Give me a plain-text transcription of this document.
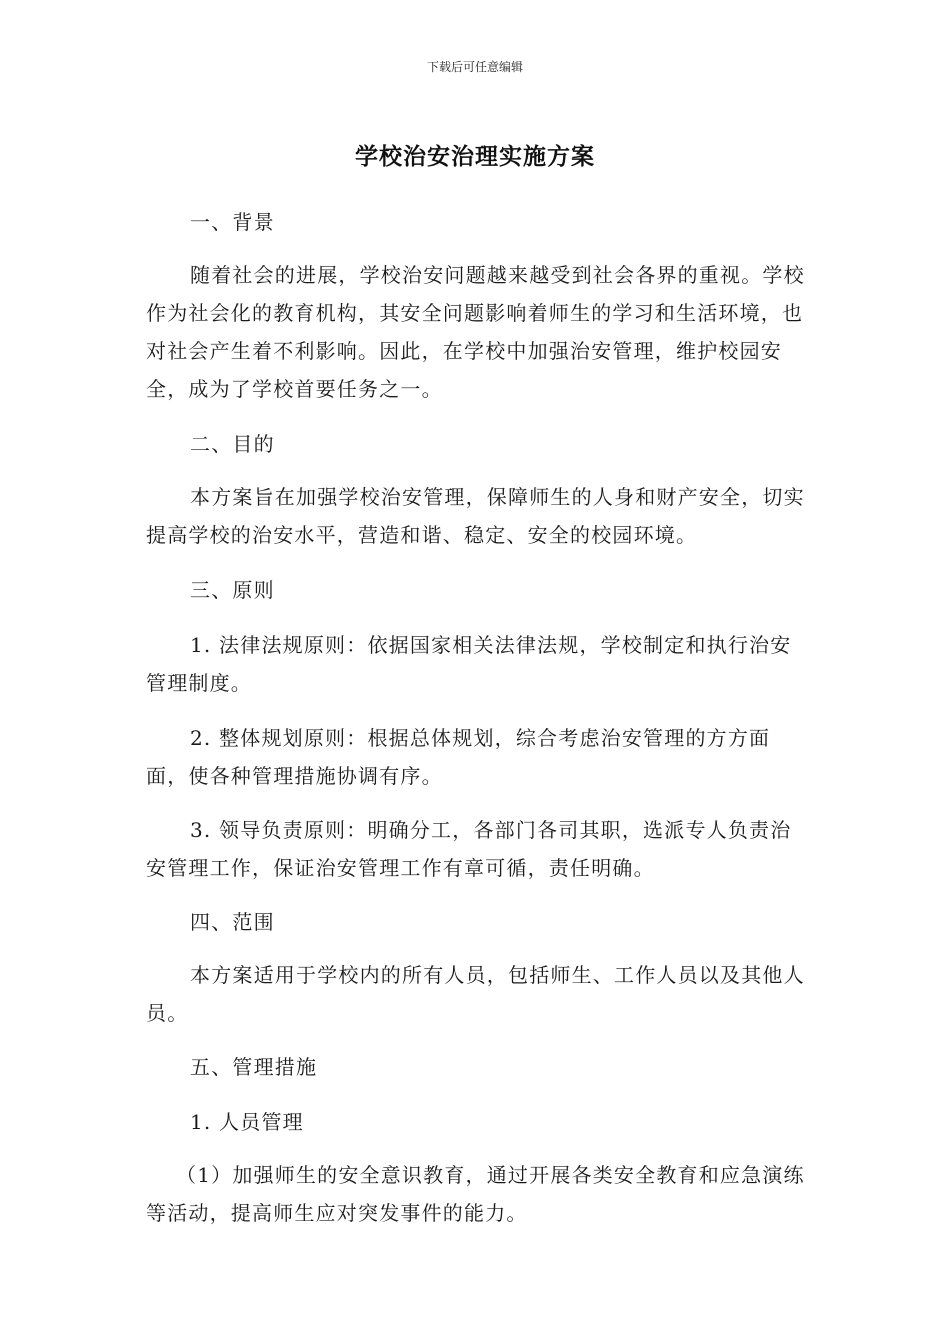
下载后可任意编辑
学校治安治理实施方案

一、背景

随着社会的进展，学校治安问题越来越受到社会各界的重视。学校作为社会化的教育机构，其安全问题影响着师生的学习和生活环境，也对社会产生着不利影响。因此，在学校中加强治安管理，维护校园安全，成为了学校首要任务之一。

二、目的

本方案旨在加强学校治安管理，保障师生的人身和财产安全，切实提高学校的治安水平，营造和谐、稳定、安全的校园环境。

三、原则

1. 法律法规原则：依据国家相关法律法规，学校制定和执行治安管理制度。

2. 整体规划原则：根据总体规划，综合考虑治安管理的方方面面，使各种管理措施协调有序。

3. 领导负责原则：明确分工，各部门各司其职，选派专人负责治安管理工作，保证治安管理工作有章可循，责任明确。

四、范围

本方案适用于学校内的所有人员，包括师生、工作人员以及其他人员。

五、管理措施

1. 人员管理

（1）加强师生的安全意识教育，通过开展各类安全教育和应急演练等活动，提高师生应对突发事件的能力。
